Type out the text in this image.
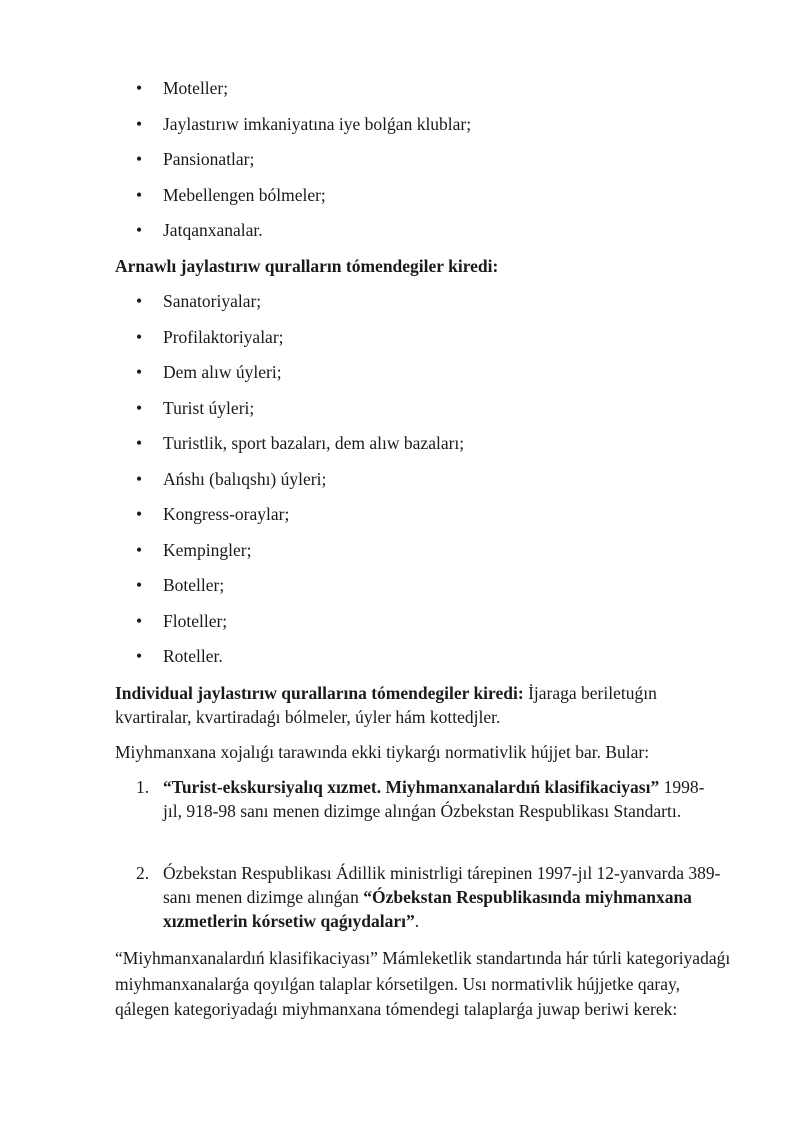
• Moteller;
• Jaylastırıw imkaniyatına iye bolǵan klublar;
• Pansionatlar;
• Mebellengen bólmeler;
• Jatqanxanalar.

Arnawlı jaylastırıw quralların tómendegiler kiredi:

• Sanatoriyalar;
• Profilaktoriyalar;
• Dem alıw úyleri;
• Turist úyleri;
• Turistlik, sport bazaları, dem alıw bazaları;
• Ańshı (balıqshı) úyleri;
• Kongress-oraylar;
• Kempingler;
• Boteller;
• Floteller;
• Roteller.

Individual jaylastırıw qurallarına tómendegiler kiredi: İjaraga beriletuǵın kvartiralar, kvartiradaǵı bólmeler, úyler hám kottedjler.

Miyhmanxana xojalıǵı tarawında ekki tiykarǵı normativlik hújjet bar. Bular:

1. “Turist-ekskursiyalıq xızmet. Miyhmanxanalardıń klasifikaciyası” 1998-jıl, 918-98 sanı menen dizimge alınǵan Ózbekstan Respublikası Standartı.
2. Ózbekstan Respublikası Ádillik ministrligi tárepinen 1997-jıl 12-yanvarda 389-sanı menen dizimge alınǵan “Ózbekstan Respublikasında miyhmanxana xızmetlerin kórsetiw qaǵıydaları”.

“Miyhmanxanalardıń klasifikaciyası” Mámleketlik standartında hár túrli kategoriyadaǵı miyhmanxanalarǵa qoyılǵan talaplar kórsetilgen. Usı normativlik hújjetke qaray, qálegen kategoriyadaǵı miyhmanxana tómendegi talaplarǵa juwap beriwi kerek:
